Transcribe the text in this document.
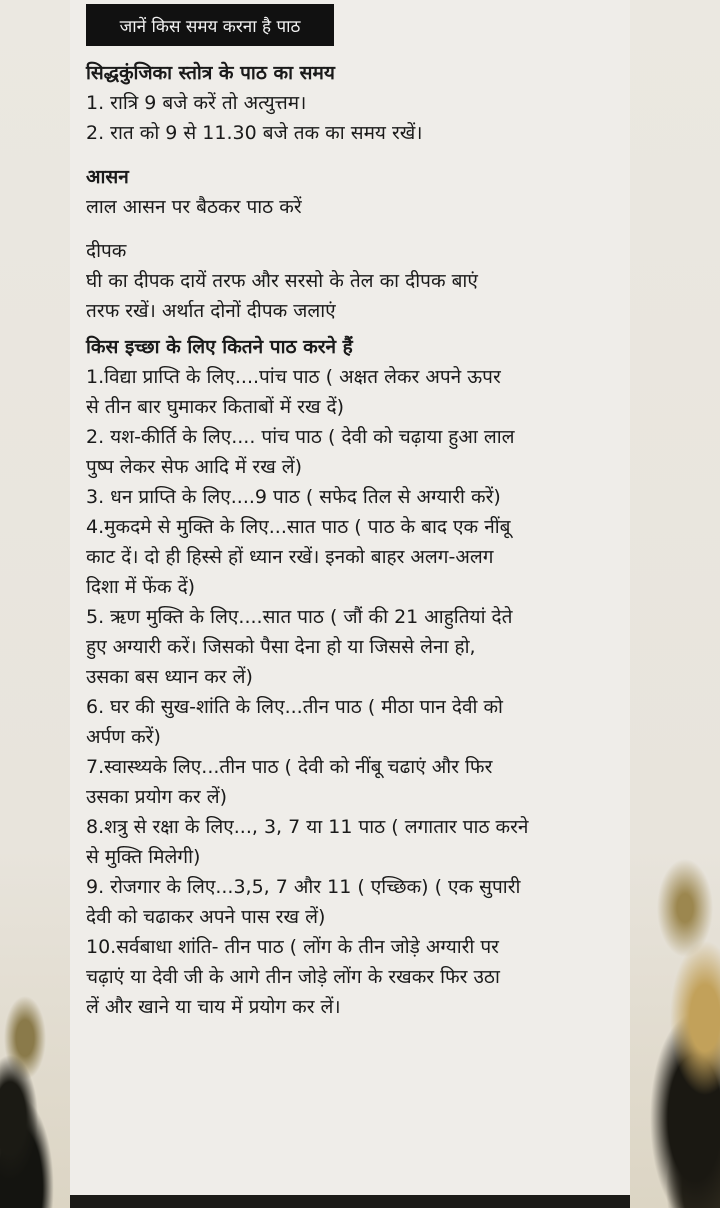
जानें किस समय करना है पाठ

सिद्धकुंजिका स्तोत्र के पाठ का समय

1. रात्रि 9 बजे करें तो अत्युत्तम।

2. रात को 9 से 11.30 बजे तक का समय रखें।

आसन

लाल आसन पर बैठकर पाठ करें

दीपक

घी का दीपक दायें तरफ और सरसो के तेल का दीपक बाएं

तरफ रखें। अर्थात दोनों दीपक जलाएं

किस इच्छा के लिए कितने पाठ करने हैं

1.विद्या प्राप्ति के लिए....पांच पाठ ( अक्षत लेकर अपने ऊपर

से तीन बार घुमाकर किताबों में रख दें)

2. यश-कीर्ति के लिए.... पांच पाठ ( देवी को चढ़ाया हुआ लाल

पुष्प लेकर सेफ आदि में रख लें)

3. धन प्राप्ति के लिए....9 पाठ ( सफेद तिल से अग्यारी करें)

4.मुकदमे से मुक्ति के लिए...सात पाठ ( पाठ के बाद एक नींबू

काट दें। दो ही हिस्से हों ध्यान रखें। इनको बाहर अलग-अलग

दिशा में फेंक दें)

5. ऋण मुक्ति के लिए....सात पाठ ( जौं की 21 आहुतियां देते

हुए अग्यारी करें। जिसको पैसा देना हो या जिससे लेना हो,

उसका बस ध्यान कर लें)

6. घर की सुख-शांति के लिए...तीन पाठ ( मीठा पान देवी को

अर्पण करें)

7.स्वास्थ्यके लिए...तीन पाठ ( देवी को नींबू चढाएं और फिर

उसका प्रयोग कर लें)

8.शत्रु से रक्षा के लिए..., 3, 7 या 11 पाठ ( लगातार पाठ करने

से मुक्ति मिलेगी)

9. रोजगार के लिए...3,5, 7 और 11 ( एच्छिक) ( एक सुपारी

देवी को चढाकर अपने पास रख लें)

10.सर्वबाधा शांति- तीन पाठ ( लोंग के तीन जोड़े अग्यारी पर

चढ़ाएं या देवी जी के आगे तीन जोड़े लोंग के रखकर फिर उठा

लें और खाने या चाय में प्रयोग कर लें।
